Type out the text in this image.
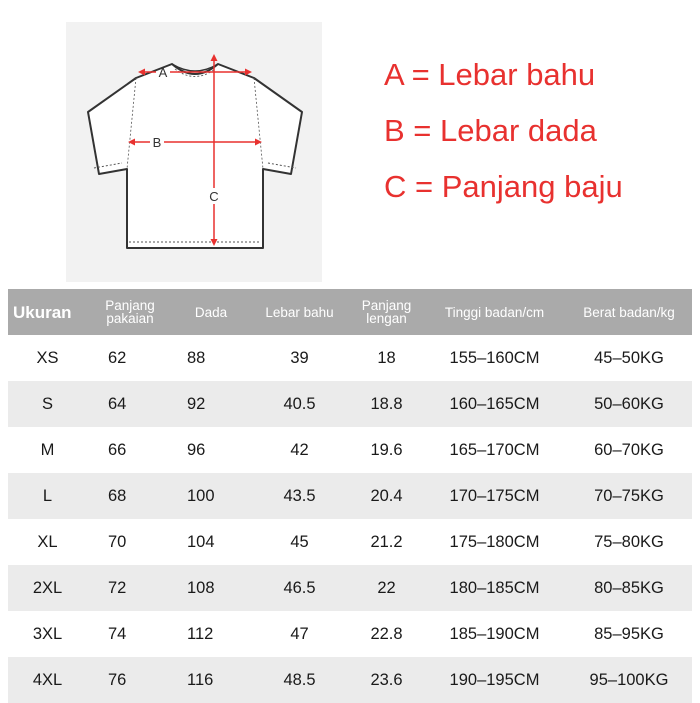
A
B
C
A = Lebar bahu
B = Lebar dada
C = Panjang baju
Ukuran	Panjang pakaian	Dada	Lebar bahu	Panjang lengan	Tinggi badan/cm	Berat badan/kg
XS	62	88	39	18	155–160CM	45–50KG
S	64	92	40.5	18.8	160–165CM	50–60KG
M	66	96	42	19.6	165–170CM	60–70KG
L	68	100	43.5	20.4	170–175CM	70–75KG
XL	70	104	45	21.2	175–180CM	75–80KG
2XL	72	108	46.5	22	180–185CM	80–85KG
3XL	74	112	47	22.8	185–190CM	85–95KG
4XL	76	116	48.5	23.6	190–195CM	95–100KG
